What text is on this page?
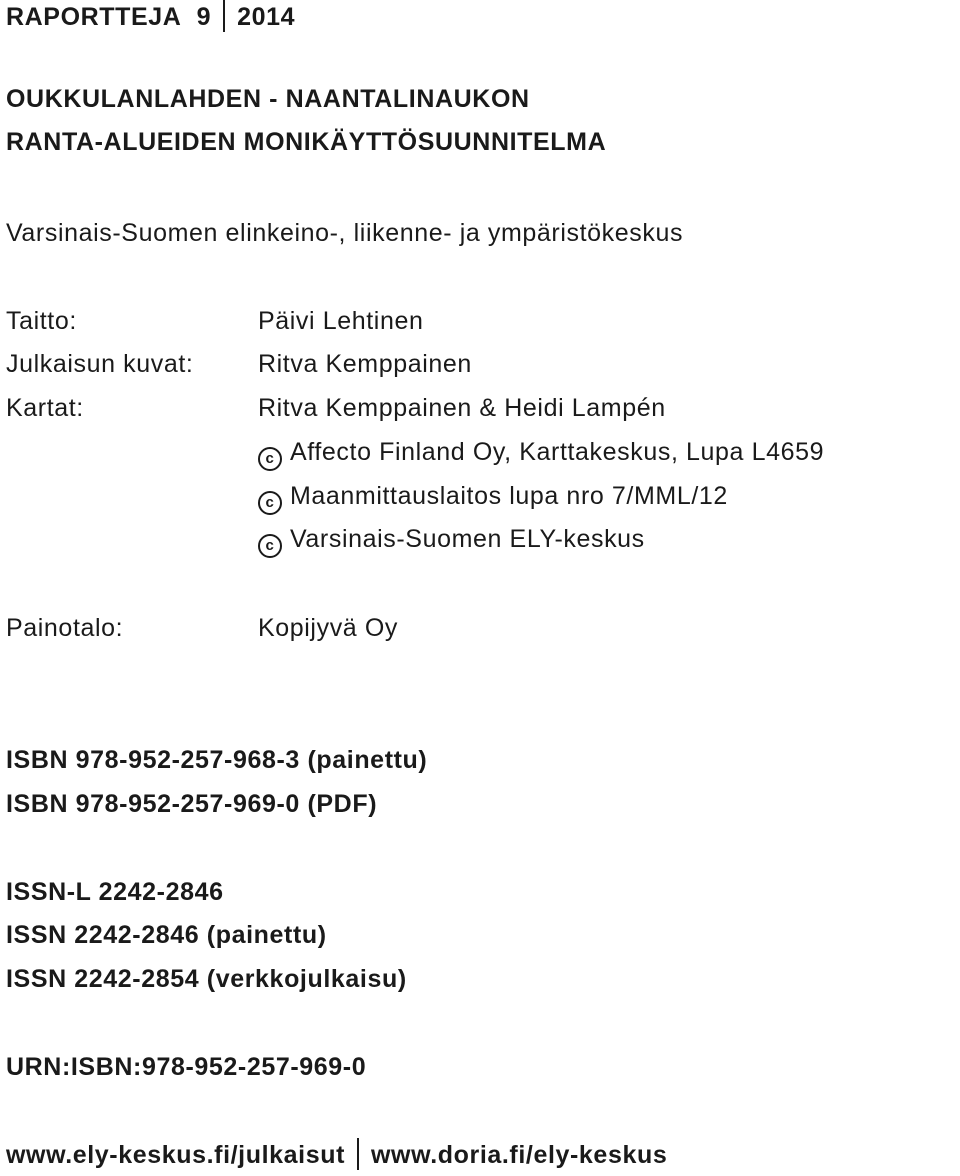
RAPORTTEJA 9 2014
OUKKULANLAHDEN - NAANTALINAUKON
RANTA-ALUEIDEN MONIKÄYTTÖSUUNNITELMA
Varsinais-Suomen elinkeino-, liikenne- ja ympäristökeskus
Taitto:	Päivi Lehtinen
Julkaisun kuvat:	Ritva Kemppainen
Kartat:	Ritva Kemppainen & Heidi Lampén
c Affecto Finland Oy, Karttakeskus, Lupa L4659
c Maanmittauslaitos lupa nro 7/MML/12
c Varsinais-Suomen ELY-keskus
Painotalo:	Kopijyvä Oy
ISBN 978-952-257-968-3 (painettu)
ISBN 978-952-257-969-0 (PDF)
ISSN-L 2242-2846
ISSN 2242-2846 (painettu)
ISSN 2242-2854 (verkkojulkaisu)
URN:ISBN:978-952-257-969-0
www.ely-keskus.fi/julkaisut www.doria.fi/ely-keskus
